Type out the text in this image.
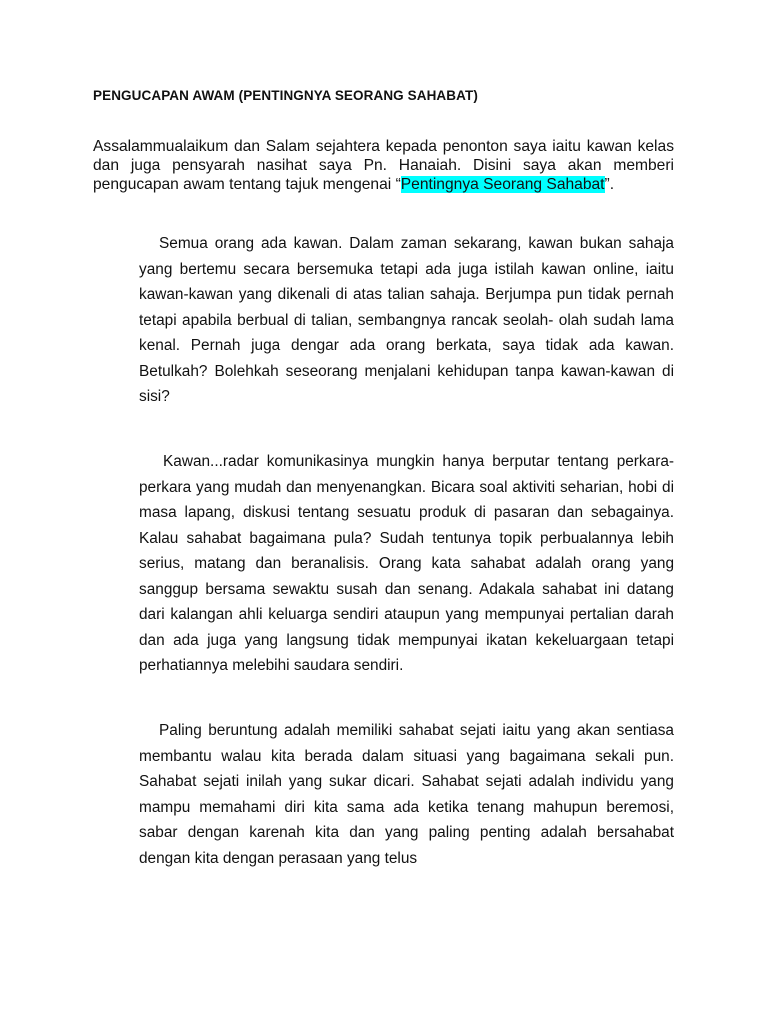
PENGUCAPAN AWAM (PENTINGNYA SEORANG SAHABAT)

Assalammualaikum dan Salam sejahtera kepada penonton saya iaitu kawan kelas dan juga pensyarah nasihat saya Pn. Hanaiah. Disini saya akan memberi pengucapan awam tentang tajuk mengenai “Pentingnya Seorang Sahabat”.

Semua orang ada kawan. Dalam zaman sekarang, kawan bukan sahaja yang bertemu secara bersemuka tetapi ada juga istilah kawan online, iaitu kawan-kawan yang dikenali di atas talian sahaja. Berjumpa pun tidak pernah tetapi apabila berbual di talian, sembangnya rancak seolah- olah sudah lama kenal. Pernah juga dengar ada orang berkata, saya tidak ada kawan. Betulkah? Bolehkah seseorang menjalani kehidupan tanpa kawan-kawan di sisi?

Kawan...radar komunikasinya mungkin hanya berputar tentang perkara-perkara yang mudah dan menyenangkan. Bicara soal aktiviti seharian, hobi di masa lapang, diskusi tentang sesuatu produk di pasaran dan sebagainya. Kalau sahabat bagaimana pula? Sudah tentunya topik perbualannya lebih serius, matang dan beranalisis. Orang kata sahabat adalah orang yang sanggup bersama sewaktu susah dan senang. Adakala sahabat ini datang dari kalangan ahli keluarga sendiri ataupun yang mempunyai pertalian darah dan ada juga yang langsung tidak mempunyai ikatan kekeluargaan tetapi perhatiannya melebihi saudara sendiri.

Paling beruntung adalah memiliki sahabat sejati iaitu yang akan sentiasa membantu walau kita berada dalam situasi yang bagaimana sekali pun. Sahabat sejati inilah yang sukar dicari. Sahabat sejati adalah individu yang mampu memahami diri kita sama ada ketika tenang mahupun beremosi, sabar dengan karenah kita dan yang paling penting adalah bersahabat dengan kita dengan perasaan yang telus
